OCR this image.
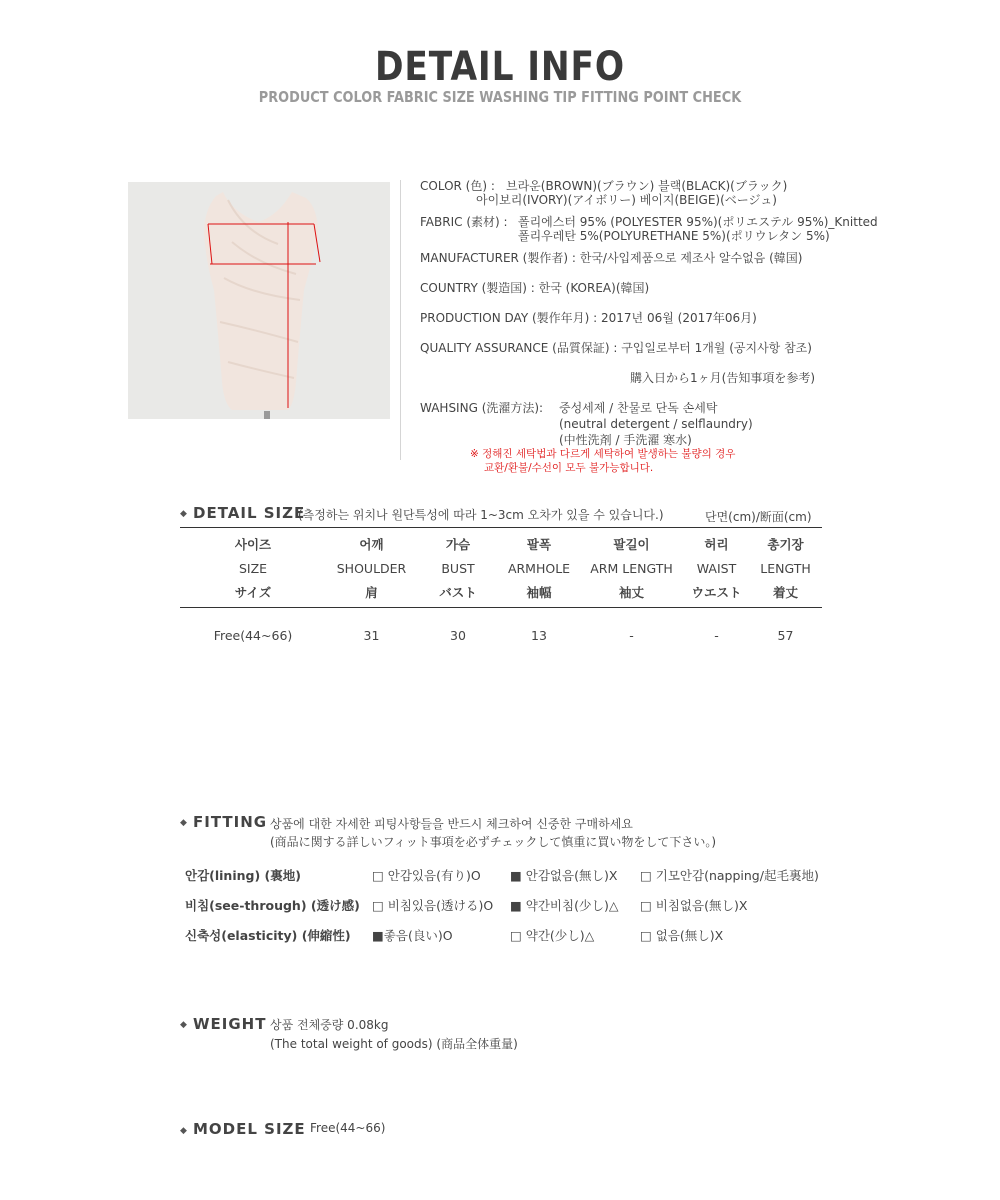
DETAIL INFO
PRODUCT COLOR FABRIC SIZE WASHING TIP FITTING POINT CHECK
COLOR (色) : 브라운(BROWN)(ブラウン) 블랙(BLACK)(ブラック)
아이보리(IVORY)(アイボリー) 베이지(BEIGE)(ベージュ)
FABRIC (素材) : 폴리에스터 95% (POLYESTER 95%)(ポリエステル 95%)_Knitted
폴리우레탄 5%(POLYURETHANE 5%)(ポリウレタン 5%)
MANUFACTURER (製作者) : 한국/사입제품으로 제조사 알수없음 (韓国)
COUNTRY (製造国) : 한국 (KOREA)(韓国)
PRODUCTION DAY (製作年月) : 2017년 06월 (2017年06月)
QUALITY ASSURANCE (品質保証) : 구입일로부터 1개월 (공지사항 참조)
購入日から1ヶ月(告知事項を参考)
WAHSING (洗濯方法): 중성세제 / 찬물로 단독 손세탁
(neutral detergent / selflaundry)
(中性洗剤 / 手洗濯 寒水)
※ 정해진 세탁법과 다르게 세탁하여 발생하는 불량의 경우
교환/환불/수선이 모두 불가능합니다.
◆ DETAIL SIZE
(측정하는 위치나 원단특성에 따라 1~3cm 오차가 있을 수 있습니다.)	단면(cm)/断面(cm)
사이즈	어깨	가슴	팔폭	팔길이	허리	총기장
SIZE	SHOULDER	BUST	ARMHOLE	ARM LENGTH	WAIST	LENGTH
サイズ	肩	バスト	袖幅	袖丈	ウエスト	着丈

Free(44~66)	31	30	13	-	-	57
◆ FITTING 상품에 대한 자세한 피팅사항들을 반드시 체크하여 신중한 구매하세요
(商品に関する詳しいフィット事項を必ずチェックして慎重に買い物をして下さい。)
안감(lining) (裏地)	□ 안감있음(有り)O ■ 안감없음(無し)X □ 기모안감(napping/起毛裏地)
비침(see-through) (透け感) □ 비침있음(透ける)O ■ 약간비침(少し)△ □ 비침없음(無し)X
신축성(elasticity) (伸縮性) ■좋음(良い)O	□ 약간(少し)△	□ 없음(無し)X
◆ WEIGHT 상품 전체중량 0.08kg
(The total weight of goods) (商品全体重量)
◆ MODEL SIZE Free(44~66)
